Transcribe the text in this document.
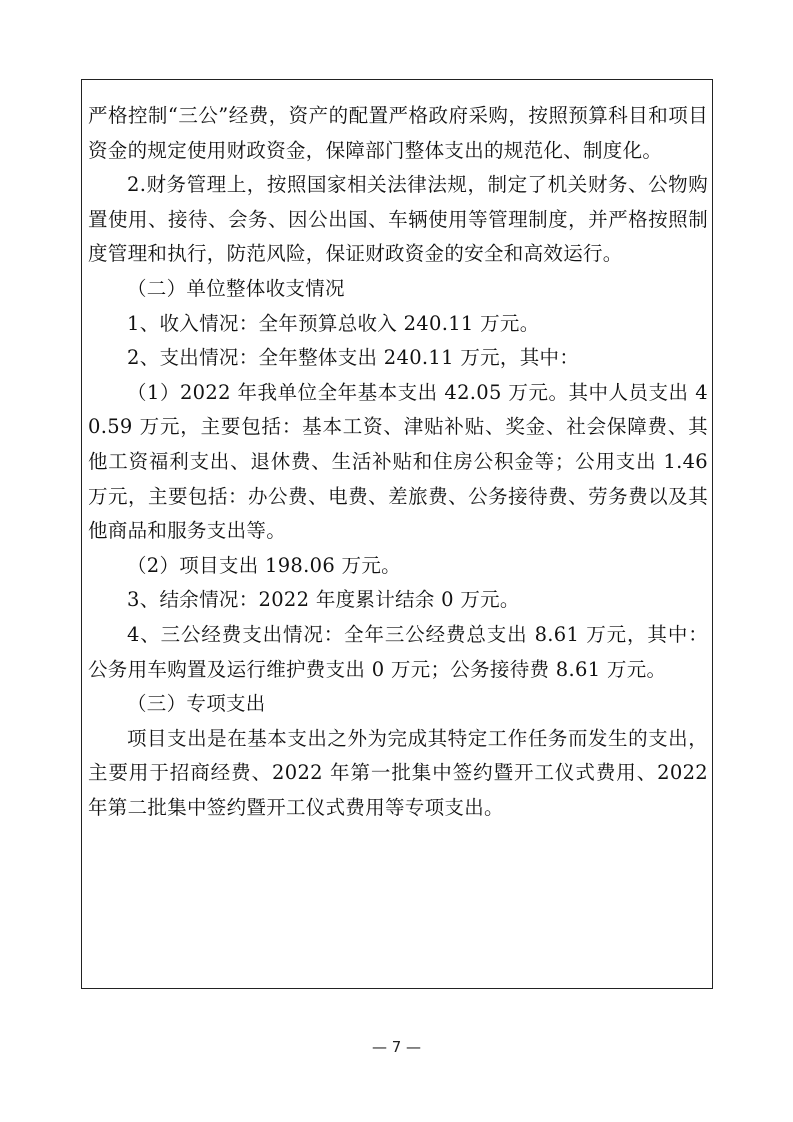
严格控制“三公”经费，资产的配置严格政府采购，按照预算科目和项目资金的规定使用财政资金，保障部门整体支出的规范化、制度化。

2.财务管理上，按照国家相关法律法规，制定了机关财务、公物购置使用、接待、会务、因公出国、车辆使用等管理制度，并严格按照制度管理和执行，防范风险，保证财政资金的安全和高效运行。

（二）单位整体收支情况

1、收入情况：全年预算总收入 240.11 万元。

2、支出情况：全年整体支出 240.11 万元，其中：

（1）2022 年我单位全年基本支出 42.05 万元。其中人员支出 40.59 万元，主要包括：基本工资、津贴补贴、奖金、社会保障费、其他工资福利支出、退休费、生活补贴和住房公积金等；公用支出 1.46 万元，主要包括：办公费、电费、差旅费、公务接待费、劳务费以及其他商品和服务支出等。

（2）项目支出 198.06 万元。

3、结余情况：2022 年度累计结余 0 万元。

4、三公经费支出情况：全年三公经费总支出 8.61 万元，其中：公务用车购置及运行维护费支出 0 万元；公务接待费 8.61 万元。

（三）专项支出

项目支出是在基本支出之外为完成其特定工作任务而发生的支出，主要用于招商经费、2022 年第一批集中签约暨开工仪式费用、2022 年第二批集中签约暨开工仪式费用等专项支出。

— 7 —
